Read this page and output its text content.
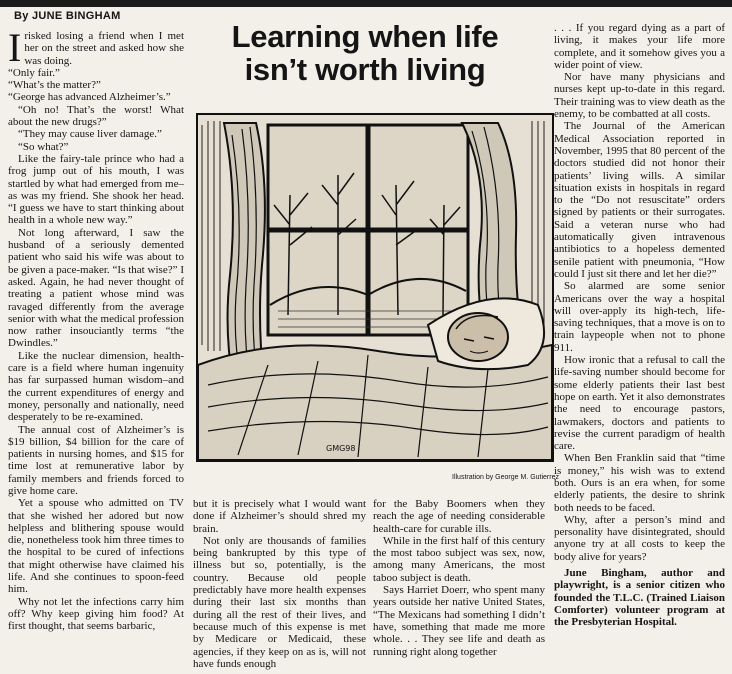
By JUNE BINGHAM
Learning when life
isn’t worth living

Irisked losing a friend when I met her on the street and asked how she was doing.

“Only fair.”

“What’s the matter?”

“George has advanced Alzheimer’s.”

“Oh no! That’s the worst! What about the new drugs?”

“They may cause liver damage.”

“So what?”

Like the fairy-tale prince who had a frog jump out of his mouth, I was startled by what had emerged from me–as was my friend. She shook her head. “I guess we have to start thinking about health in a whole new way.”

Not long afterward, I saw the husband of a seriously demented patient who said his wife was about to be given a pace-maker. “Is that wise?” I asked. Again, he had never thought of treating a patient whose mind was ravaged differently from the average senior with what the medical profession now rather insouciantly terms “the Dwindles.”

Like the nuclear dimension, health-care is a field where human ingenuity has far surpassed human wisdom–and the current expenditures of energy and money, personally and nationally, need desperately to be re-examined.

The annual cost of Alzheimer’s is $19 billion, $4 billion for the care of patients in nursing homes, and $15 for time lost at remunerative labor by family members and friends forced to give home care.

Yet a spouse who admitted on TV that she wished her adored but now helpless and blithering spouse would die, nonetheless took him three times to the hospital to be cured of infections that might otherwise have claimed his life. And she continues to spoon-feed him.

Why not let the infections carry him off? Why keep giving him food? At first thought, that seems barbaric,

GMG98
Illustration by George M. Gutierrez

but it is precisely what I would want done if Alzheimer’s should shred my brain.

Not only are thousands of families being bankrupted by this type of illness but so, potentially, is the country. Because old people predictably have more health expenses during their last six months than during all the rest of their lives, and because much of this expense is met by Medicare or Medicaid, these agencies, if they keep on as is, will not have funds enough

for the Baby Boomers when they reach the age of needing considerable health-care for curable ills.

While in the first half of this century the most taboo subject was sex, now, among many Americans, the most taboo subject is death.

Says Harriet Doerr, who spent many years outside her native United States, “The Mexicans had something I didn’t have, something that made me more whole. . . They see life and death as running right along together

. . . If you regard dying as a part of living, it makes your life more complete, and it somehow gives you a wider point of view.

Nor have many physicians and nurses kept up-to-date in this regard. Their training was to view death as the enemy, to be combatted at all costs.

The Journal of the American Medical Association reported in November, 1995 that 80 percent of the doctors studied did not honor their patients’ living wills. A similar situation exists in hospitals in regard to the “Do not resuscitate” orders signed by patients or their surrogates. Said a veteran nurse who had automatically given intravenous antibiotics to a hopeless demented senile patient with pneumonia, “How could I just sit there and let her die?”

So alarmed are some senior Americans over the way a hospital will over-apply its high-tech, life-saving techniques, that a move is on to train laypeople when not to phone 911.

How ironic that a refusal to call the life-saving number should become for some elderly patients their last best hope on earth. Yet it also demonstrates the need to encourage pastors, lawmakers, doctors and patients to revise the current paradigm of health care.

When Ben Franklin said that “time is money,” his wish was to extend both. Ours is an era when, for some elderly patients, the desire to shrink both needs to be faced.

Why, after a person’s mind and personality have disintegrated, should anyone try at all costs to keep the body alive for years?

June Bingham, author and playwright, is a senior citizen who founded the T.L.C. (Trained Liaison Comforter) volunteer program at the Presbyterian Hospital.
